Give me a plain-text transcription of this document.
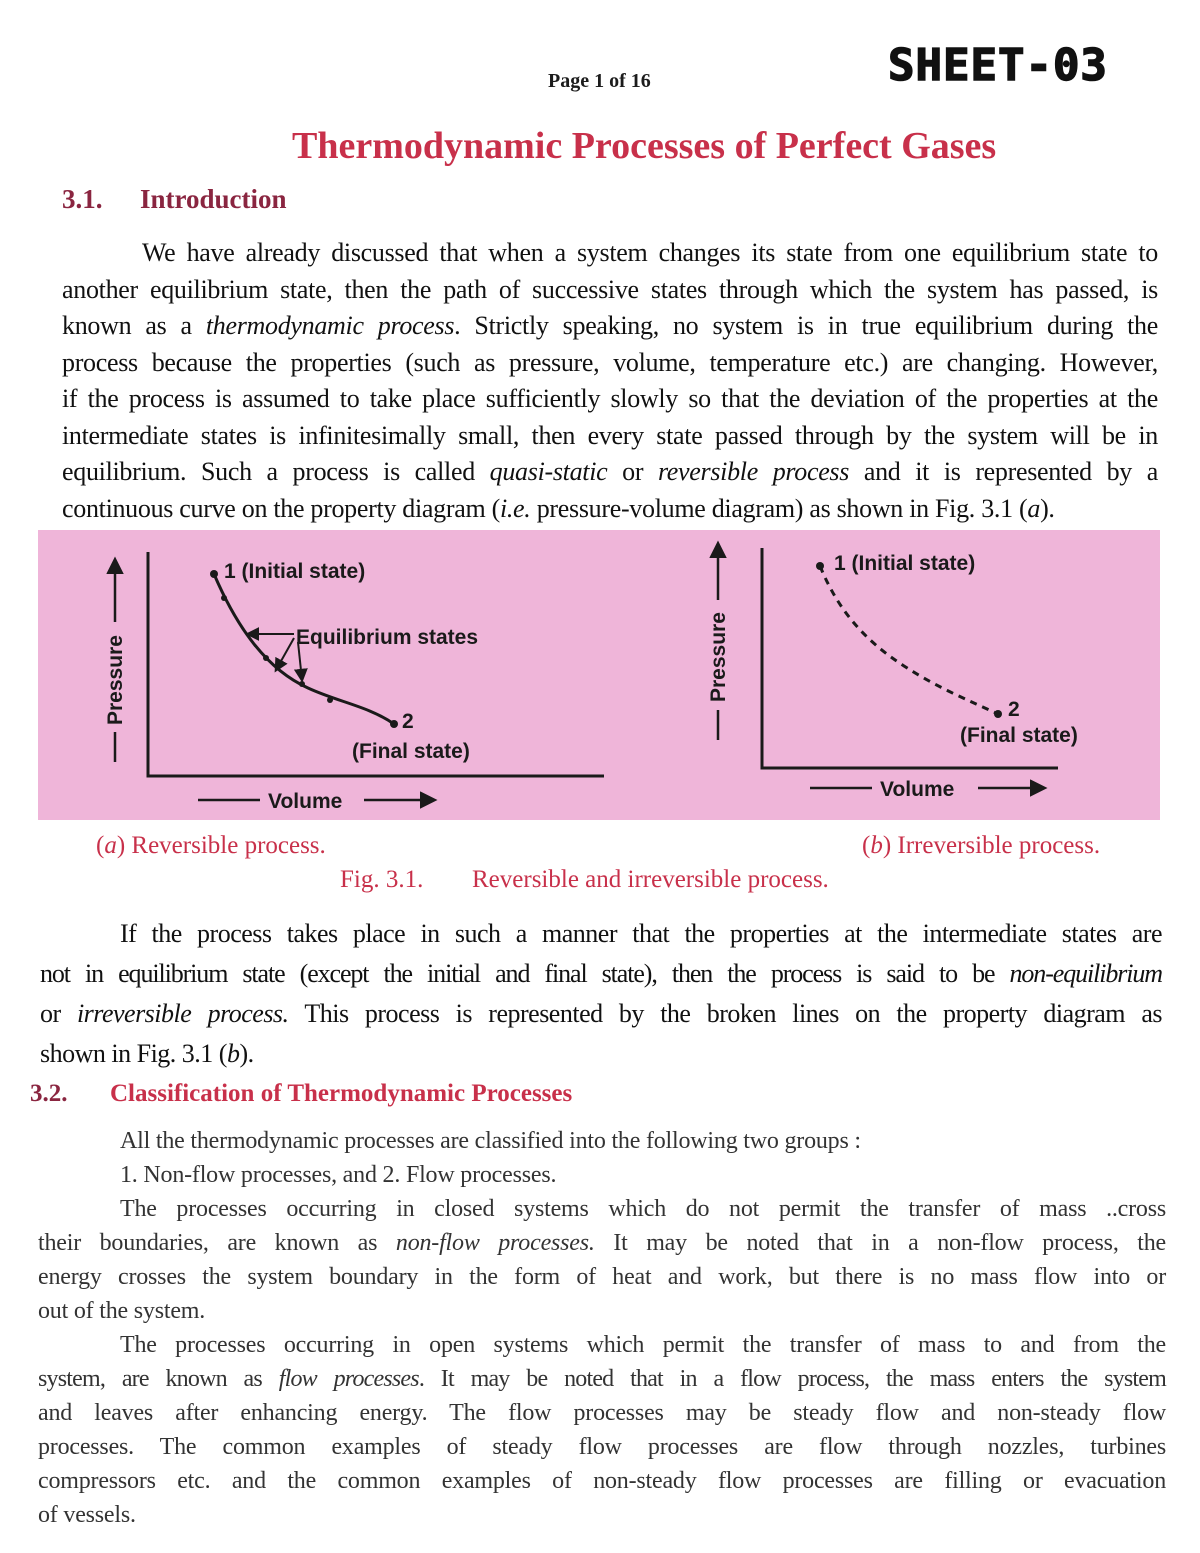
Page 1 of 16	SHEET-03
Thermodynamic Processes of Perfect Gases
3.1. Introduction
We have already discussed that when a system changes its state from one equilibrium state to
another equilibrium state, then the path of successive states through which the system has passed, is
known as a thermodynamic process. Strictly speaking, no system is in true equilibrium during the
process because the properties (such as pressure, volume, temperature etc.) are changing. However,
if the process is assumed to take place sufficiently slowly so that the deviation of the properties at the
intermediate states is infinitesimally small, then every state passed through by the system will be in
equilibrium. Such a process is called quasi-static or reversible process and it is represented by a
continuous curve on the property diagram (i.e. pressure-volume diagram) as shown in Fig. 3.1 (a).
Pressure
Volume
1 (Initial state)
Equilibrium states
2
(Final state)
Pressure
Volume
1 (Initial state)
2
(Final state)
(a) Reversible process.	(b) Irreversible process.
Fig. 3.1. Reversible and irreversible process.
If the process takes place in such a manner that the properties at the intermediate states are
not in equilibrium state (except the initial and final state), then the process is said to be non-equilibrium
or irreversible process. This process is represented by the broken lines on the property diagram as
shown in Fig. 3.1 (b).
3.2. Classification of Thermodynamic Processes
All the thermodynamic processes are classified into the following two groups :
1. Non-flow processes, and 2. Flow processes.
The processes occurring in closed systems which do not permit the transfer of mass ..cross
their boundaries, are known as non-flow processes. It may be noted that in a non-flow process, the
energy crosses the system boundary in the form of heat and work, but there is no mass flow into or
out of the system.
The processes occurring in open systems which permit the transfer of mass to and from the
system, are known as flow processes. It may be noted that in a flow process, the mass enters the system
and leaves after enhancing energy. The flow processes may be steady flow and non-steady flow
processes. The common examples of steady flow processes are flow through nozzles, turbines
compressors etc. and the common examples of non-steady flow processes are filling or evacuation
of vessels.
